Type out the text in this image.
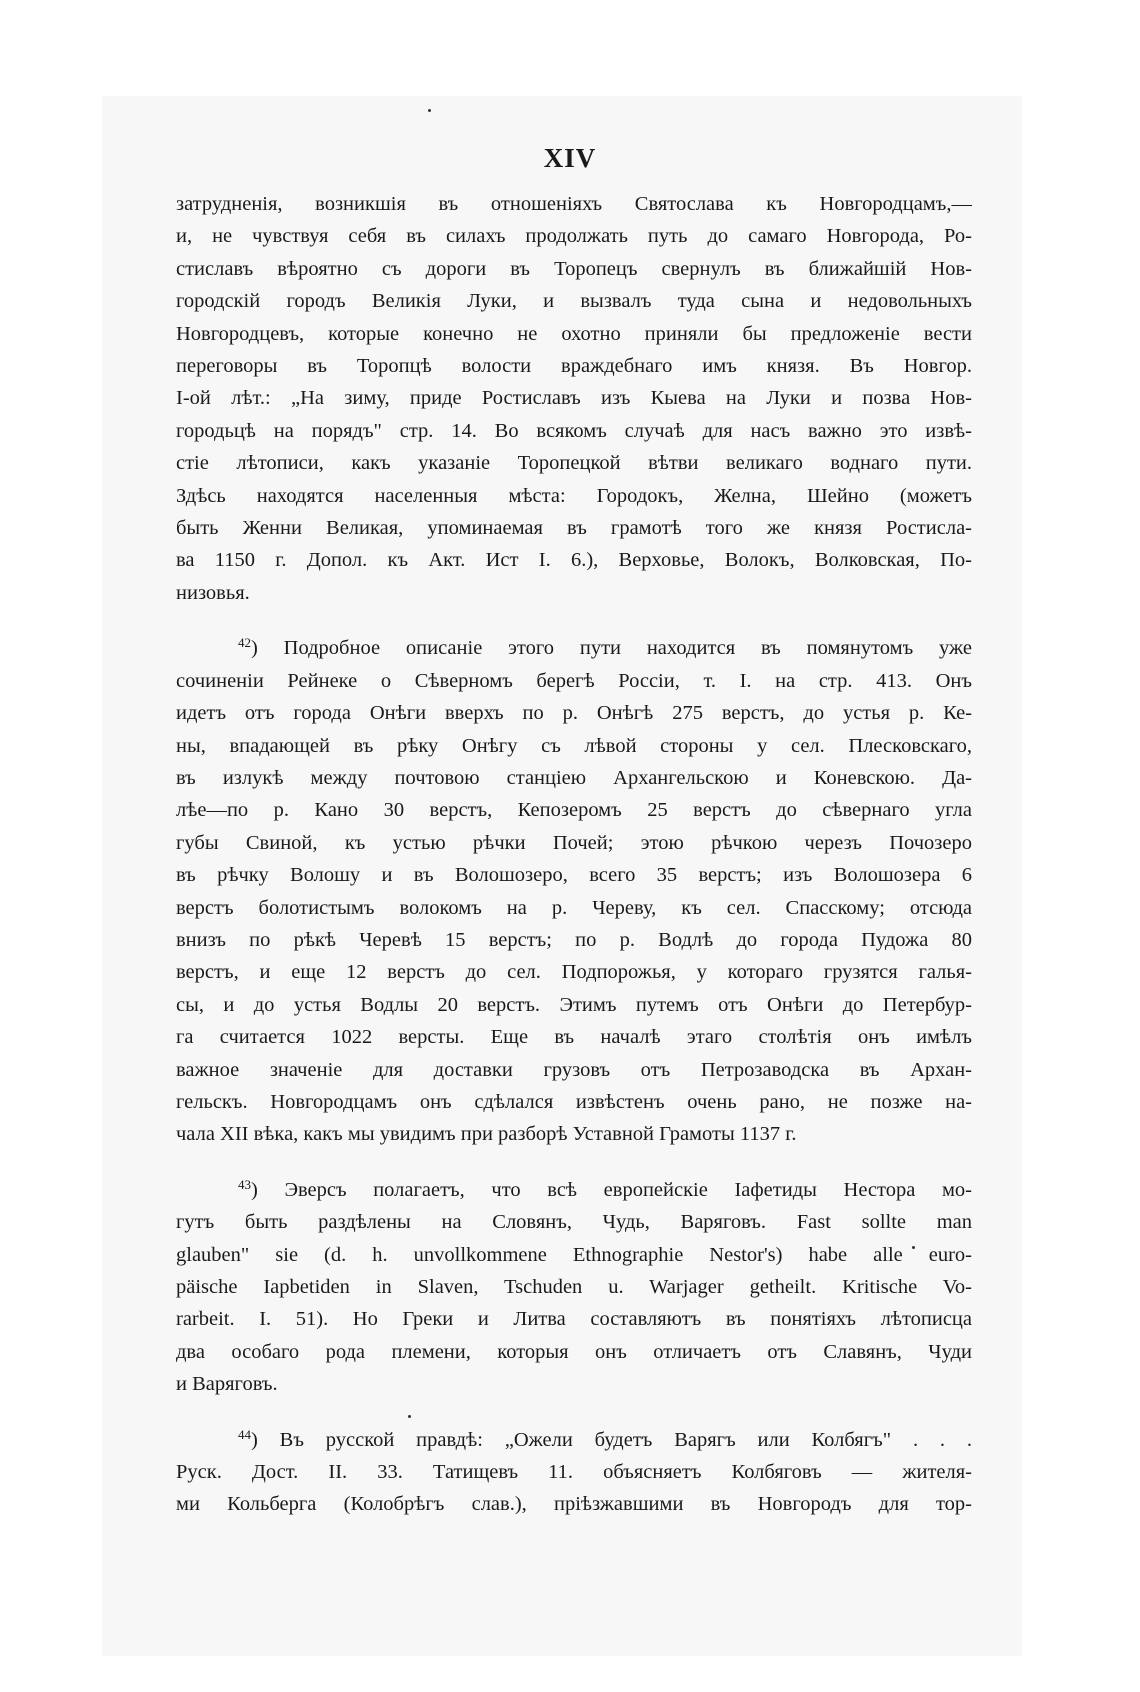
XIV

затрудненія, возникшія въ отношеніяхъ Святослава къ Новгородцамъ,—
и, не чувствуя себя въ силахъ продолжать путь до самаго Новгорода, Ро-
стиславъ вѣроятно съ дороги въ Торопецъ свернулъ въ ближайшій Нов-
городскій городъ Великія Луки, и вызвалъ туда сына и недовольныхъ
Новгородцевъ, которые конечно не охотно приняли бы предложеніе вести
переговоры въ Торопцѣ волости враждебнаго имъ князя. Въ Новгор.
I-ой лѣт.: „На зиму, приде Ростиславъ изъ Кыева на Луки и позва Нов-
городьцѣ на порядъ" стр. 14. Во всякомъ случаѣ для насъ важно это извѣ-
стіе лѣтописи, какъ указаніе Торопецкой вѣтви великаго воднаго пути.
Здѣсь находятся населенныя мѣста: Городокъ, Желна, Шейно (можетъ
быть Женни Великая, упоминаемая въ грамотѣ того же князя Ростисла-
ва 1150 г. Допол. къ Акт. Ист I. 6.), Верховье, Волокъ, Волковская, По-
низовья.

$^{42}$) Подробное описаніе этого пути находится въ помянутомъ уже
сочиненіи Рейнеке о Сѣверномъ берегѣ Россіи, т. I. на стр. 413. Онъ
идетъ отъ города Онѣги вверхъ по р. Онѣгѣ 275 верстъ, до устья р. Ке-
ны, впадающей въ рѣку Онѣгу съ лѣвой стороны у сел. Плесковскаго,
въ излукѣ между почтовою станціею Архангельскою и Коневскою. Да-
лѣе—по р. Кано 30 верстъ, Кепозеромъ 25 верстъ до сѣвернаго угла
губы Свиной, къ устью рѣчки Почей; этою рѣчкою черезъ Почозеро
въ рѣчку Волошу и въ Волошозеро, всего 35 верстъ; изъ Волошозера 6
верстъ болотистымъ волокомъ на р. Череву, къ сел. Спасскому; отсюда
внизъ по рѣкѣ Черевѣ 15 верстъ; по р. Водлѣ до города Пудожа 80
верстъ, и еще 12 верстъ до сел. Подпорожья, у котораго грузятся галья-
сы, и до устья Водлы 20 верстъ. Этимъ путемъ отъ Онѣги до Петербур-
га считается 1022 версты. Еще въ началѣ этаго столѣтія онъ имѣлъ
важное значеніе для доставки грузовъ отъ Петрозаводска въ Архан-
гельскъ. Новгородцамъ онъ сдѣлался извѣстенъ очень рано, не позже на-
чала XII вѣка, какъ мы увидимъ при разборѣ Уставной Грамоты 1137 г.

$^{43}$) Эверсъ полагаетъ, что всѣ европейскіе Іафетиды Нестора мо-
гутъ быть раздѣлены на Словянъ, Чудь, Варяговъ. Fast sollte man
glauben" sie (d. h. unvollkommene Ethnographie Nestor's) habe alle euro-
päische Iapbetiden in Slaven, Tschuden u. Warjager getheilt. Kritische Vo-
rarbeit. I. 51). Но Греки и Литва составляютъ въ понятіяхъ лѣтописца
два особаго рода племени, которыя онъ отличаетъ отъ Славянъ, Чуди
и Варяговъ.

$^{44}$) Въ русской правдѣ: „Ожели будетъ Варягъ или Колбягъ" . . .
Руск. Дост. II. 33. Татищевъ 11. объясняетъ Колбяговъ — жителя-
ми Кольберга (Колобрѣгъ слав.), пріѣзжавшими въ Новгородъ для тор-
